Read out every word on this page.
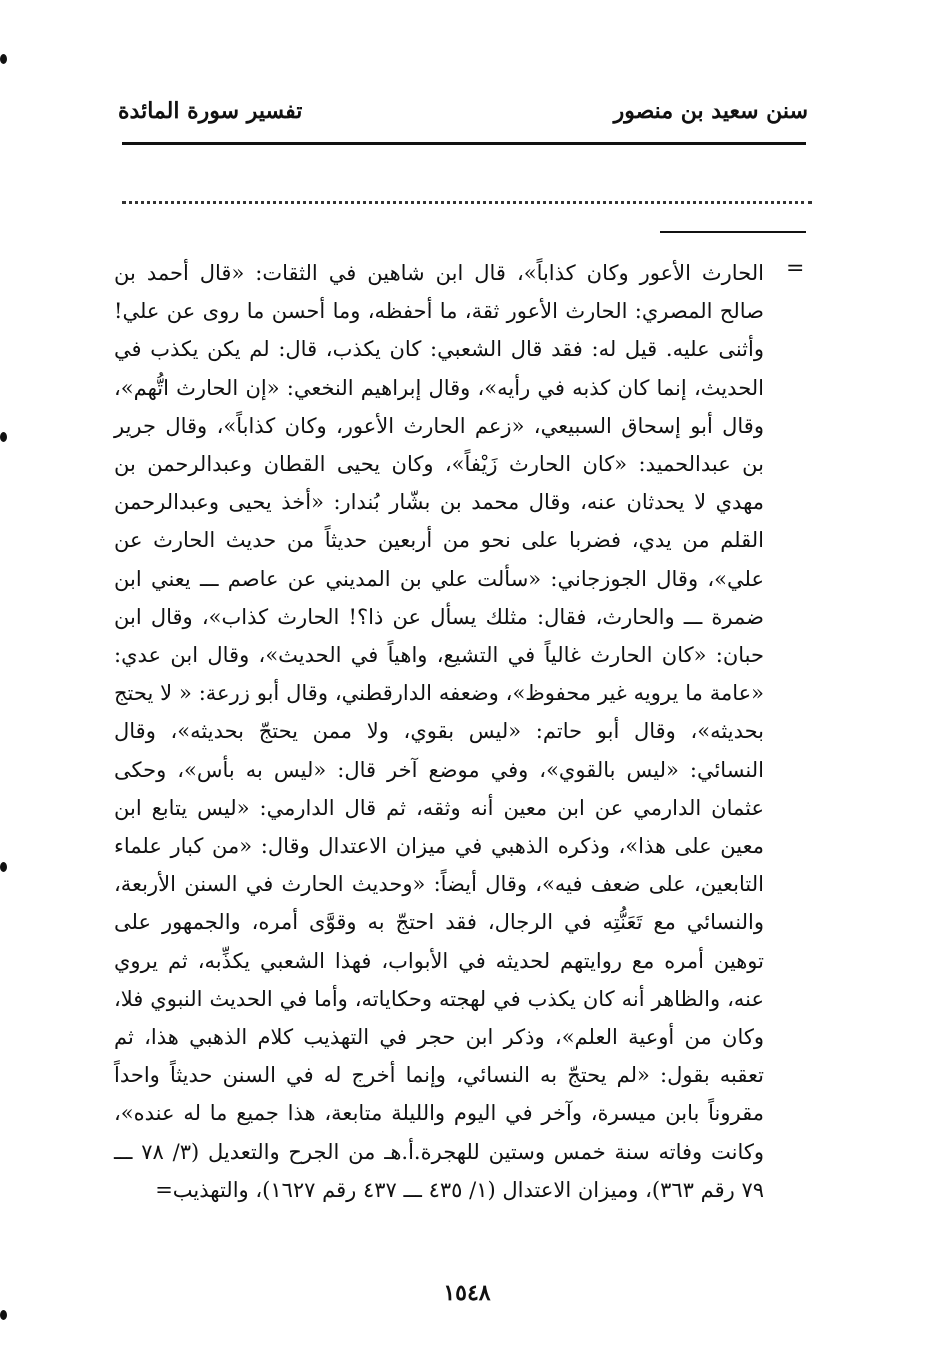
سنن سعيد بن منصور
تفسير سورة المائدة
=
الحارث الأعور وكان كذاباً»، قال ابن شاهين في الثقات: «قال أحمد بن صالح المصري: الحارث الأعور ثقة، ما أحفظه، وما أحسن ما روى عن علي! وأثنى عليه. قيل له: فقد قال الشعبي: كان يكذب، قال: لم يكن يكذب في الحديث، إنما كان كذبه في رأيه»، وقال إبراهيم النخعي: «إن الحارث اتُّهم»، وقال أبو إسحاق السبيعي، «زعم الحارث الأعور، وكان كذاباً»، وقال جرير بن عبدالحميد: «كان الحارث زَيْفاً»، وكان يحيى القطان وعبدالرحمن بن مهدي لا يحدثان عنه، وقال محمد بن بشّار بُندار: «أخذ يحيى وعبدالرحمن القلم من يدي، فضربا على نحو من أربعين حديثاً من حديث الحارث عن علي»، وقال الجوزجاني: «سألت علي بن المديني عن عاصم ـــ يعني ابن ضمرة ـــ والحارث، فقال: مثلك يسأل عن ذا؟! الحارث كذاب»، وقال ابن حبان: «كان الحارث غالياً في التشيع، واهياً في الحديث»، وقال ابن عدي: «عامة ما يرويه غير محفوظ»، وضعفه الدارقطني، وقال أبو زرعة: « لا يحتج بحديثه»، وقال أبو حاتم: «ليس بقوي، ولا ممن يحتجّ بحديثه»، وقال النسائي: «ليس بالقوي»، وفي موضع آخر قال: «ليس به بأس»، وحكى عثمان الدارمي عن ابن معين أنه وثقه، ثم قال الدارمي: «ليس يتابع ابن معين على هذا»، وذكره الذهبي في ميزان الاعتدال وقال: «من كبار علماء التابعين، على ضعف فيه»، وقال أيضاً: «وحديث الحارث في السنن الأربعة، والنسائي مع تَعَنُّتِه في الرجال، فقد احتجّ به وقوَّى أمره، والجمهور على توهين أمره مع روايتهم لحديثه في الأبواب، فهذا الشعبي يكذِّبه، ثم يروي عنه، والظاهر أنه كان يكذب في لهجته وحكاياته، وأما في الحديث النبوي فلا، وكان من أوعية العلم»، وذكر ابن حجر في التهذيب كلام الذهبي هذا، ثم تعقبه بقول: «لم يحتجّ به النسائي، وإنما أخرج له في السنن حديثاً واحداً مقروناً بابن ميسرة، وآخر في اليوم والليلة متابعة، هذا جميع ما له عنده»، وكانت وفاته سنة خمس وستين للهجرة.أ.هـ من الجرح والتعديل (٣/ ٧٨ ـــ ٧٩ رقم ٣٦٣)، وميزان الاعتدال (١/ ٤٣٥ ـــ ٤٣٧ رقم ١٦٢٧)، والتهذيب=
١٥٤٨
